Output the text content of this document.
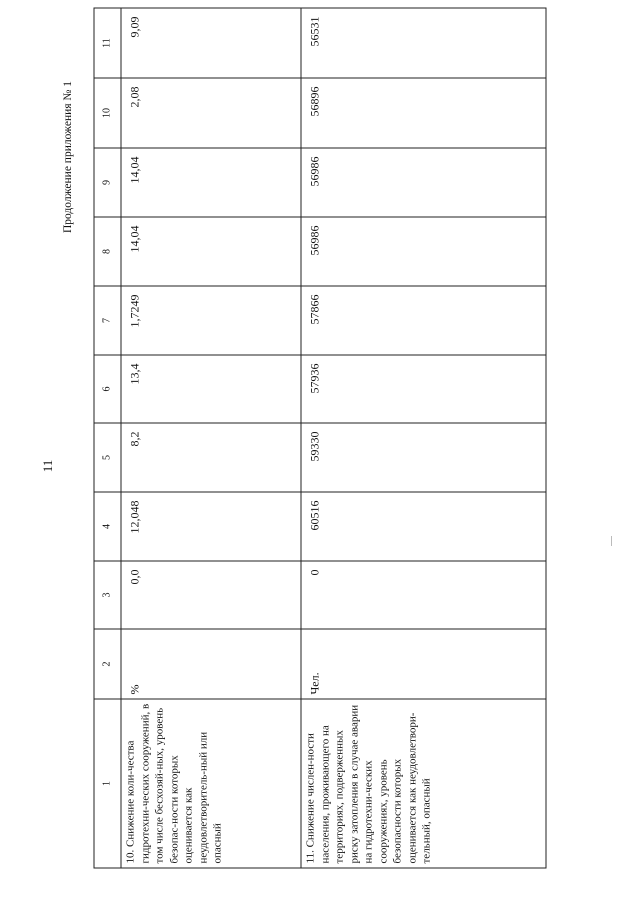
11
Продолжение приложения № 1
1	2	3	4	5	6	7	8	9	10	11
10. Снижение коли-чества гидротехни-ческих сооружений, в том числе бесхозяй-ных, уровень безопас-ности которых оценивается как неудовлетворитель-ный или опасный	%	0,0	12,048	8,2	13,4	1,7249	14,04	14,04	2,08	9,09
11. Снижение числен-ности населения, проживающего на территориях, подверженных риску затопления в случае аварии на гидротехни-ческих сооружениях, уровень безопасности которых оценивается как неудовлетвори-тельный, опасный	Чел.	0	60516	59330	57936	57866	56986	56986	56896	56531
